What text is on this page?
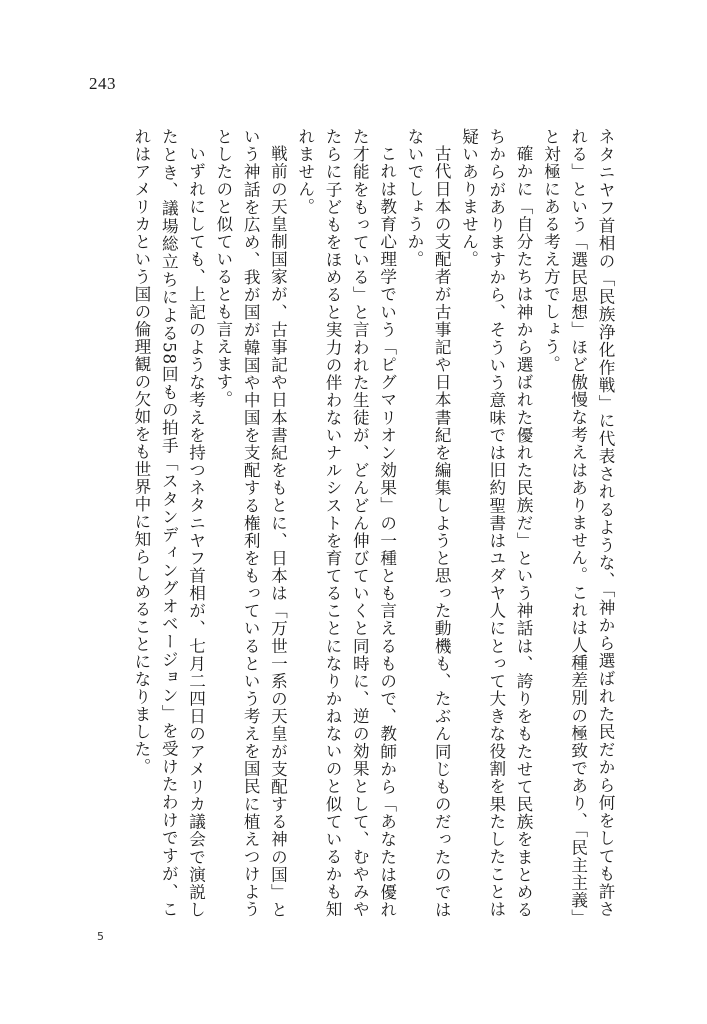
243

ネタニヤフ首相の「民族浄化作戦」に代表されるような、「神から選ばれた民だから何をしても許される」という「選民思想」ほど傲慢な考えはありません。これは人種差別の極致であり、「民主主義」と対極にある考え方でしょう。

確かに「自分たちは神から選ばれた優れた民族だ」という神話は、誇りをもたせて民族をまとめるちからがありますから、そういう意味では旧約聖書はユダヤ人にとって大きな役割を果たしたことは疑いありません。

古代日本の支配者が古事記や日本書紀を編集しようと思った動機も、たぶん同じものだったのではないでしょうか。

これは教育心理学でいう「ピグマリオン効果」の一種とも言えるもので、教師から「あなたは優れた才能をもっている」と言われた生徒が、どんどん伸びていくと同時に、逆の効果として、むやみやたらに子どもをほめると実力の伴わないナルシストを育てることになりかねないのと似ているかも知れません。

戦前の天皇制国家が、古事記や日本書紀をもとに、日本は「万世一系の天皇が支配する神の国」という神話を広め、我が国が韓国や中国を支配する権利をもっているという考えを国民に植えつけようとしたのと似ているとも言えます。

いずれにしても、上記のような考えを持つネタニヤフ首相が、七月二四日のアメリカ議会で演説したとき、議場総立ちによる58回もの拍手「スタンディングオベージョン」を受けたわけですが、これはアメリカという国の倫理観の欠如をも世界中に知らしめることになりました。

5
